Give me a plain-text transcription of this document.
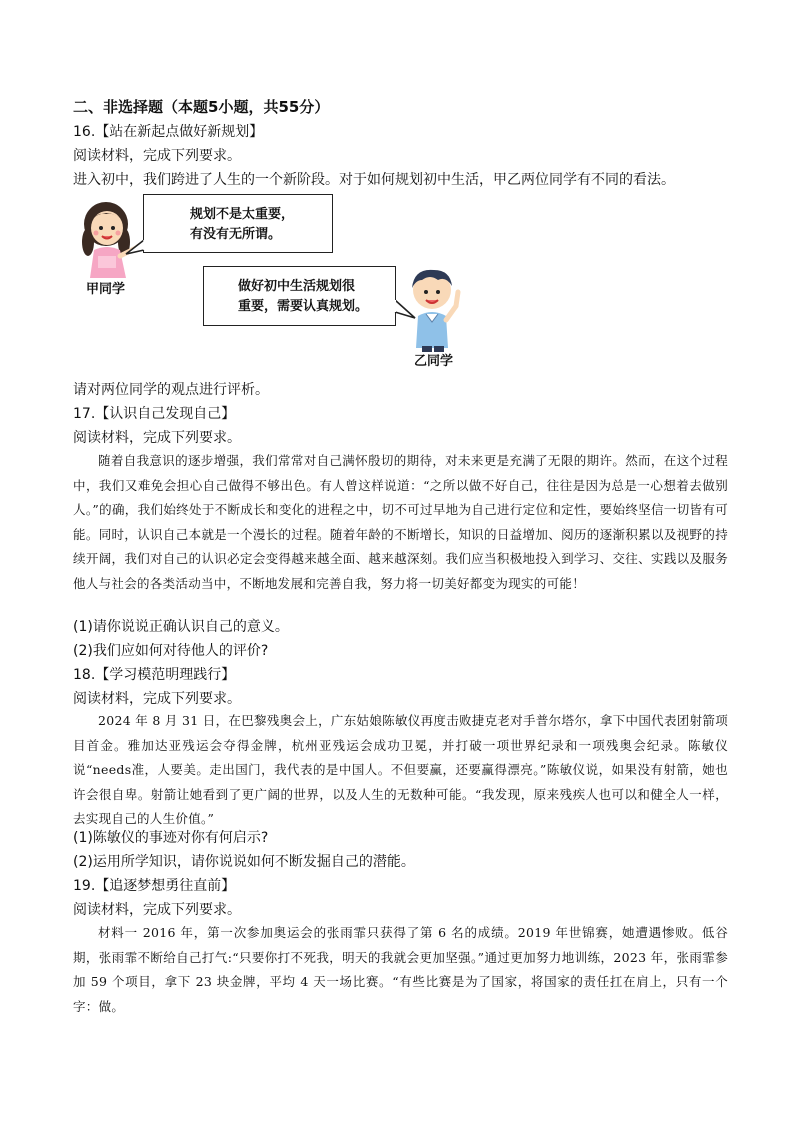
二、非选择题（本题5小题，共55分）
16.【站在新起点做好新规划】
阅读材料，完成下列要求。
进入初中，我们跨进了人生的一个新阶段。对于如何规划初中生活，甲乙两位同学有不同的看法。
甲同学
规划不是太重要，
有没有无所谓。
做好初中生活规划很
重要，需要认真规划。
乙同学
请对两位同学的观点进行评析。
17.【认识自己发现自己】
阅读材料，完成下列要求。

随着自我意识的逐步增强，我们常常对自己满怀殷切的期待，对未来更是充满了无限的期许。然而，在这个过程中，我们又难免会担心自己做得不够出色。有人曾这样说道：“之所以做不好自己，往往是因为总是一心想着去做别人。”的确，我们始终处于不断成长和变化的进程之中，切不可过早地为自己进行定位和定性，要始终坚信一切皆有可能。同时，认识自己本就是一个漫长的过程。随着年龄的不断增长，知识的日益增加、阅历的逐渐积累以及视野的持续开阔，我们对自己的认识必定会变得越来越全面、越来越深刻。我们应当积极地投入到学习、交往、实践以及服务他人与社会的各类活动当中，不断地发展和完善自我，努力将一切美好都变为现实的可能！

(1)请你说说正确认识自己的意义。
(2)我们应如何对待他人的评价?
18.【学习模范明理践行】
阅读材料，完成下列要求。

2024 年 8 月 31 日，在巴黎残奥会上，广东姑娘陈敏仪再度击败捷克老对手普尔塔尔，拿下中国代表团射箭项目首金。雅加达亚残运会夺得金牌，杭州亚残运会成功卫冕，并打破一项世界纪录和一项残奥会纪录。陈敏仪说“needs准，人要美。走出国门，我代表的是中国人。不但要赢，还要赢得漂亮。”陈敏仪说，如果没有射箭，她也许会很自卑。射箭让她看到了更广阔的世界，以及人生的无数种可能。“我发现，原来残疾人也可以和健全人一样，去实现自己的人生价值。”

(1)陈敏仪的事迹对你有何启示?
(2)运用所学知识，请你说说如何不断发掘自己的潜能。
19.【追逐梦想勇往直前】
阅读材料，完成下列要求。

材料一 2016 年，第一次参加奥运会的张雨霏只获得了第 6 名的成绩。2019 年世锦赛，她遭遇惨败。低谷期，张雨霏不断给自己打气:“只要你打不死我，明天的我就会更加坚强。”通过更加努力地训练，2023 年，张雨霏参加 59 个项目，拿下 23 块金牌，平均 4 天一场比赛。“有些比赛是为了国家，将国家的责任扛在肩上，只有一个字：做。
